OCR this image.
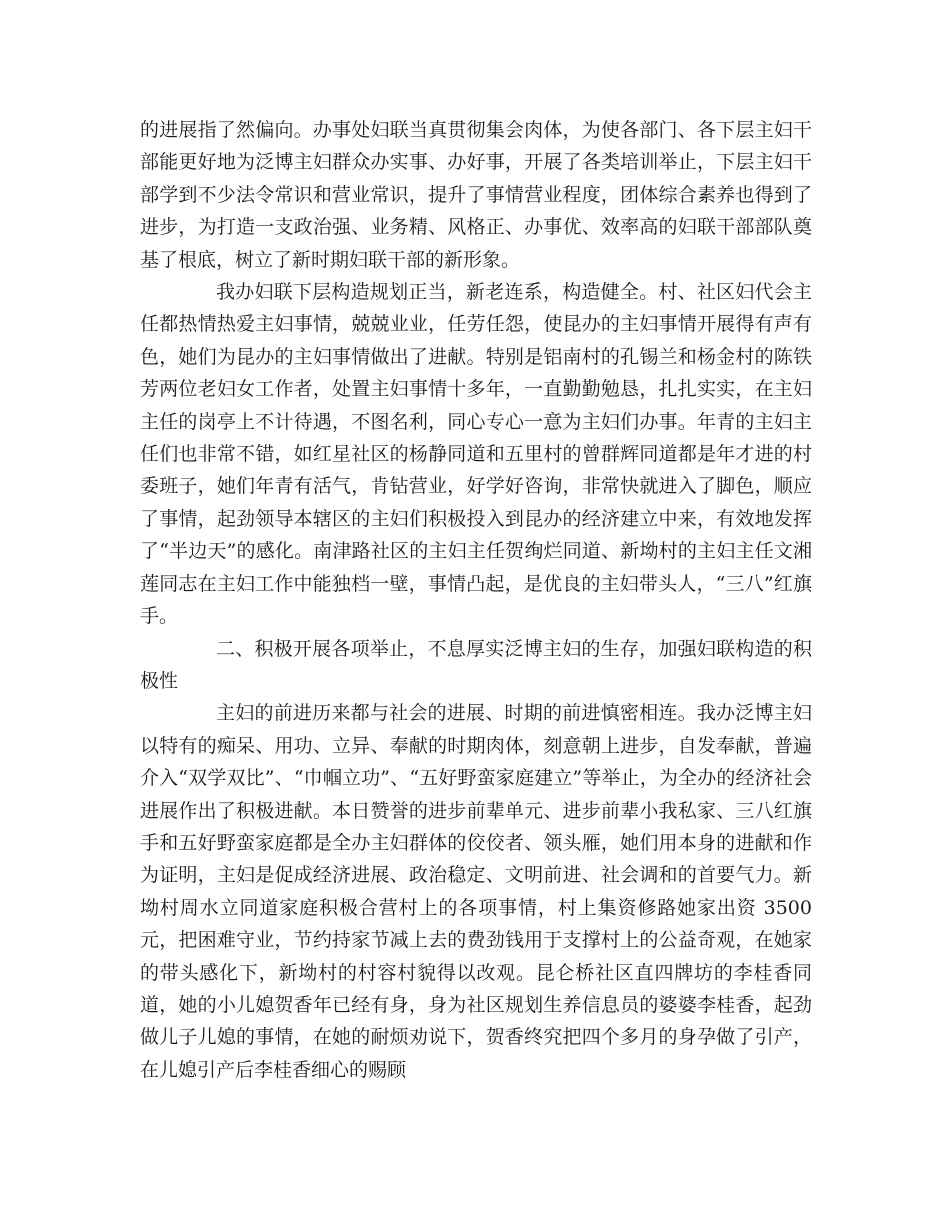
的进展指了然偏向。办事处妇联当真贯彻集会肉体，为使各部门、各下层主妇干部能更好地为泛博主妇群众办实事、办好事，开展了各类培训举止，下层主妇干部学到不少法令常识和营业常识，提升了事情营业程度，团体综合素养也得到了进步，为打造一支政治强、业务精、风格正、办事优、效率高的妇联干部部队奠基了根底，树立了新时期妇联干部的新形象。

我办妇联下层构造规划正当，新老连系，构造健全。村、社区妇代会主任都热情热爱主妇事情，兢兢业业，任劳任怨，使昆办的主妇事情开展得有声有色，她们为昆办的主妇事情做出了进献。特别是铝南村的孔锡兰和杨金村的陈铁芳两位老妇女工作者，处置主妇事情十多年，一直勤勤勉恳，扎扎实实，在主妇主任的岗亭上不计待遇，不图名利，同心专心一意为主妇们办事。年青的主妇主任们也非常不错，如红星社区的杨静同道和五里村的曾群辉同道都是年才进的村委班子，她们年青有活气，肯钻营业，好学好咨询，非常快就进入了脚色，顺应了事情，起劲领导本辖区的主妇们积极投入到昆办的经济建立中来，有效地发挥了“半边天”的感化。南津路社区的主妇主任贺绚烂同道、新坳村的主妇主任文湘莲同志在主妇工作中能独档一壁，事情凸起，是优良的主妇带头人，“三八”红旗手。

二、积极开展各项举止，不息厚实泛博主妇的生存，加强妇联构造的积极性

主妇的前进历来都与社会的进展、时期的前进慎密相连。我办泛博主妇以特有的痴呆、用功、立异、奉献的时期肉体，刻意朝上进步，自发奉献，普遍介入“双学双比”、“巾帼立功”、“五好野蛮家庭建立”等举止，为全办的经济社会进展作出了积极进献。本日赞誉的进步前辈单元、进步前辈小我私家、三八红旗手和五好野蛮家庭都是全办主妇群体的佼佼者、领头雁，她们用本身的进献和作为证明，主妇是促成经济进展、政治稳定、文明前进、社会调和的首要气力。新坳村周水立同道家庭积极合营村上的各项事情，村上集资修路她家出资 3500 元，把困难守业，节约持家节减上去的费劲钱用于支撑村上的公益奇观，在她家的带头感化下，新坳村的村容村貌得以改观。昆仑桥社区直四牌坊的李桂香同道，她的小儿媳贺香年已经有身，身为社区规划生养信息员的婆婆李桂香，起劲做儿子儿媳的事情，在她的耐烦劝说下，贺香终究把四个多月的身孕做了引产，在儿媳引产后李桂香细心的赐顾
